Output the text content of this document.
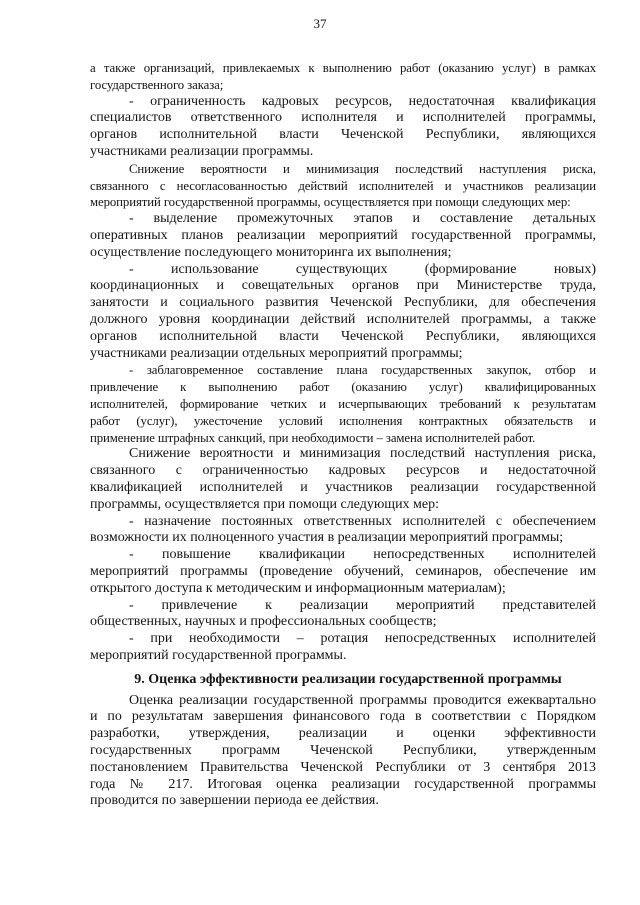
37
а также организаций, привлекаемых к выполнению работ (оказанию услуг) в рамках
государственного заказа;
- ограниченность кадровых ресурсов, недостаточная квалификация
специалистов ответственного исполнителя и исполнителей программы,
органов исполнительной власти Чеченской Республики, являющихся
участниками реализации программы.
Снижение вероятности и минимизация последствий наступления риска,
связанного с несогласованностью действий исполнителей и участников реализации
мероприятий государственной программы, осуществляется при помощи следующих мер:
- выделение промежуточных этапов и составление детальных
оперативных планов реализации мероприятий государственной программы,
осуществление последующего мониторинга их выполнения;
- использование существующих (формирование новых)
координационных и совещательных органов при Министерстве труда,
занятости и социального развития Чеченской Республики, для обеспечения
должного уровня координации действий исполнителей программы, а также
органов исполнительной власти Чеченской Республики, являющихся
участниками реализации отдельных мероприятий программы;
- заблаговременное составление плана государственных закупок, отбор и
привлечение к выполнению работ (оказанию услуг) квалифицированных
исполнителей, формирование четких и исчерпывающих требований к результатам
работ (услуг), ужесточение условий исполнения контрактных обязательств и
применение штрафных санкций, при необходимости – замена исполнителей работ.
Снижение вероятности и минимизация последствий наступления риска,
связанного с ограниченностью кадровых ресурсов и недостаточной
квалификацией исполнителей и участников реализации государственной
программы, осуществляется при помощи следующих мер:
- назначение постоянных ответственных исполнителей с обеспечением
возможности их полноценного участия в реализации мероприятий программы;
- повышение квалификации непосредственных исполнителей
мероприятий программы (проведение обучений, семинаров, обеспечение им
открытого доступа к методическим и информационным материалам);
- привлечение к реализации мероприятий представителей
общественных, научных и профессиональных сообществ;
- при необходимости – ротация непосредственных исполнителей
мероприятий государственной программы.
9. Оценка эффективности реализации государственной программы
Оценка реализации государственной программы проводится ежеквартально
и по результатам завершения финансового года в соответствии с Порядком
разработки, утверждения, реализации и оценки эффективности
государственных программ Чеченской Республики, утвержденным
постановлением Правительства Чеченской Республики от 3 сентября 2013
года № 217. Итоговая оценка реализации государственной программы
проводится по завершении периода ее действия.
